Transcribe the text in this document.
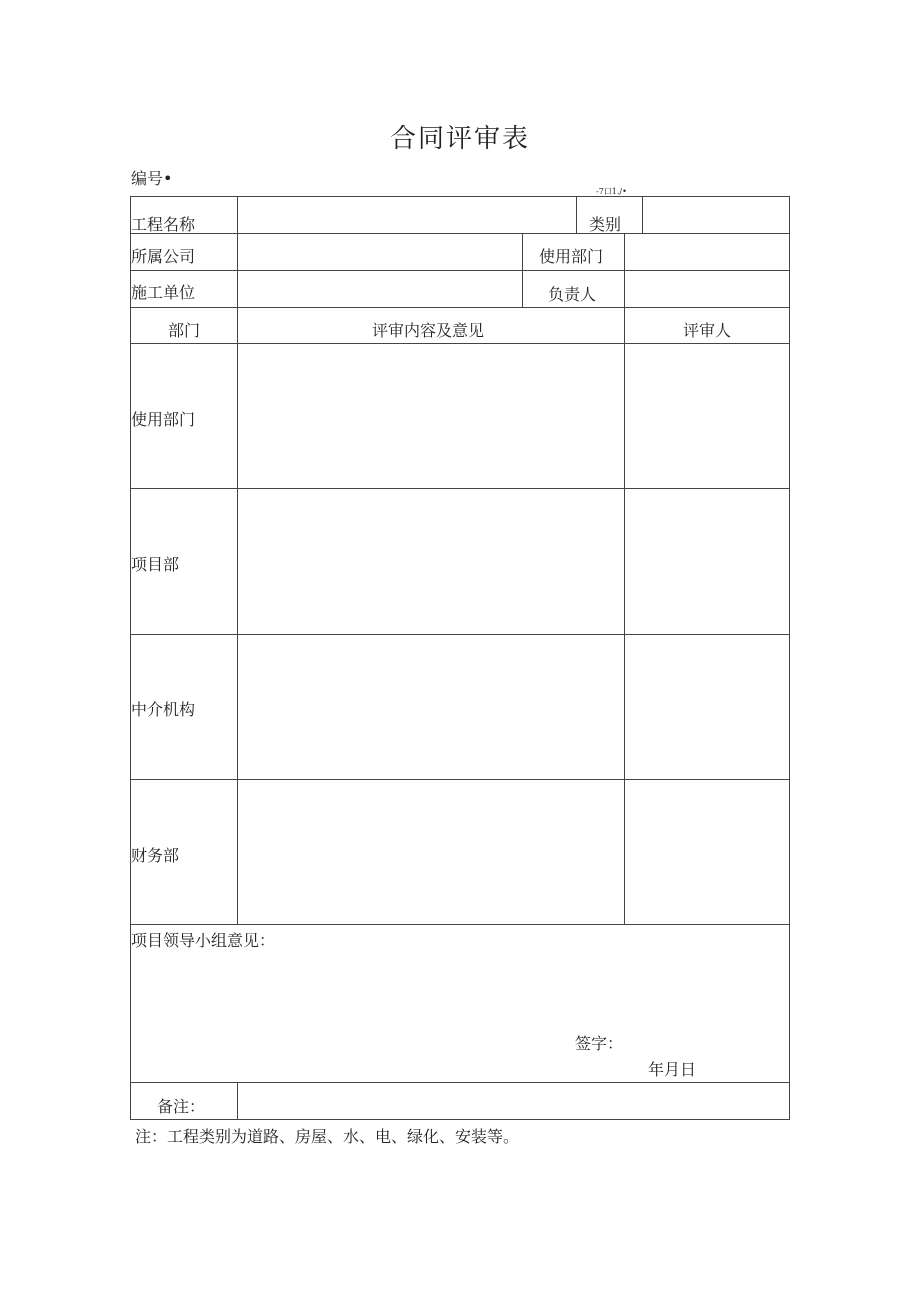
合同评审表
编号•
-7口1./•
工程名称	类别
所属公司	使用部门
施工单位	负责人
部门	评审内容及意见	评审人
使用部门
项目部
中介机构
财务部
项目领导小组意见：
签字：
年月日
备注：
注：工程类别为道路、房屋、水、电、绿化、安装等。
